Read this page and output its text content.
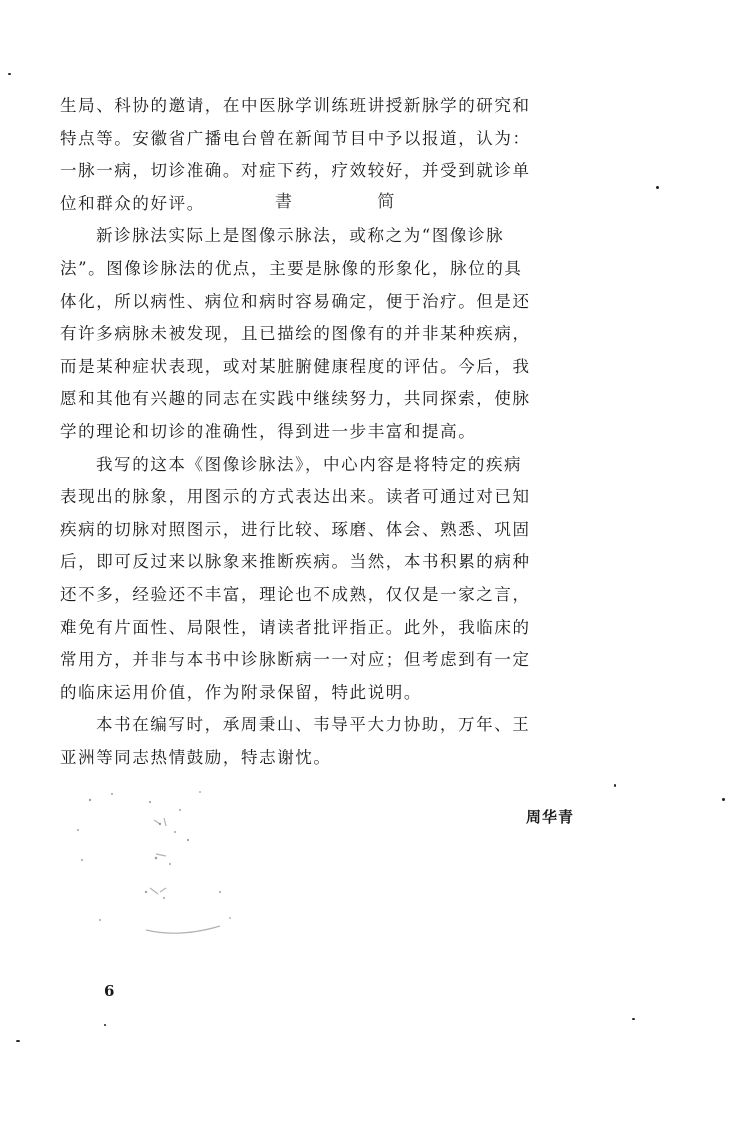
生局、科协的邀请，在中医脉学训练班讲授新脉学的研究和
特点等。安徽省广播电台曾在新闻节目中予以报道，认为：
一脉一病，切诊准确。对症下药，疗效较好，并受到就诊单
位和群众的好评。
新诊脉法实际上是图像示脉法，或称之为“图像诊脉
法”。图像诊脉法的优点，主要是脉像的形象化，脉位的具
体化，所以病性、病位和病时容易确定，便于治疗。但是还
有许多病脉未被发现，且已描绘的图像有的并非某种疾病，
而是某种症状表现，或对某脏腑健康程度的评估。今后，我
愿和其他有兴趣的同志在实践中继续努力，共同探索，使脉
学的理论和切诊的准确性，得到进一步丰富和提高。
我写的这本《图像诊脉法》，中心内容是将特定的疾病
表现出的脉象，用图示的方式表达出来。读者可通过对已知
疾病的切脉对照图示，进行比较、琢磨、体会、熟悉、巩固
后，即可反过来以脉象来推断疾病。当然，本书积累的病种
还不多，经验还不丰富，理论也不成熟，仅仅是一家之言，
难免有片面性、局限性，请读者批评指正。此外，我临床的
常用方，并非与本书中诊脉断病一一对应；但考虑到有一定
的临床运用价值，作为附录保留，特此说明。
本书在编写时，承周秉山、韦导平大力协助，万年、王
亚洲等同志热情鼓励，特志谢忱。
書 简
周华青
6
